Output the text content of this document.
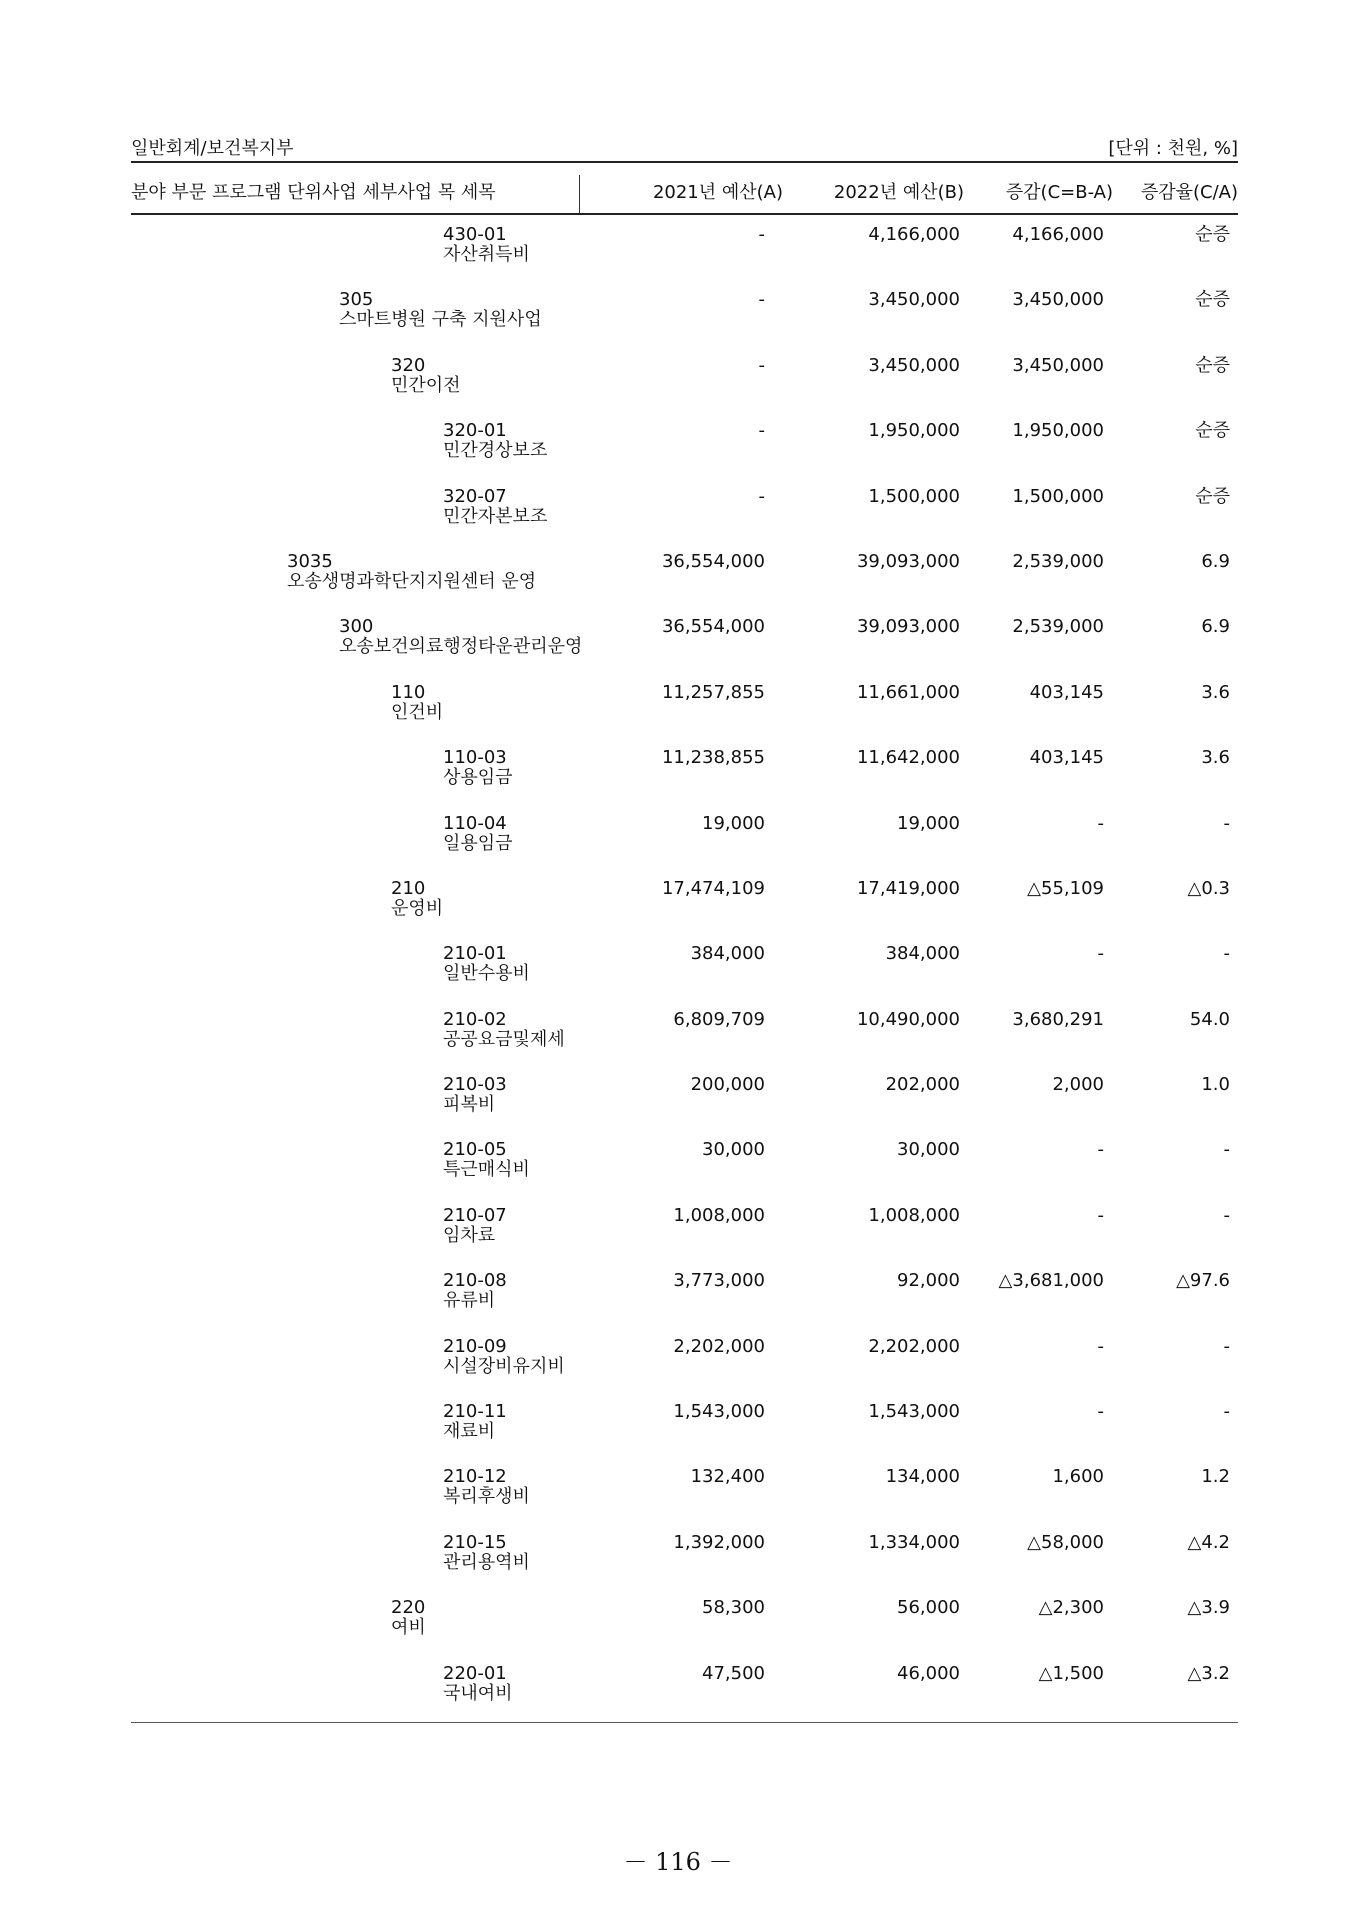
일반회계/보건복지부	[단위 : 천원, %]
분야 부문 프로그램 단위사업 세부사업 목 세목	2021년 예산(A)	2022년 예산(B) 증감(C=B-A) 증감율(C/A)
430-01
자산취득비
-	4,166,000	4,166,000	순증
305
스마트병원 구축 지원사업
-	3,450,000	3,450,000	순증
320
민간이전
-	3,450,000	3,450,000	순증
320-01
민간경상보조
-	1,950,000	1,950,000	순증
320-07
민간자본보조
-	1,500,000	1,500,000	순증
3035
오송생명과학단지지원센터 운영
36,554,000	39,093,000	2,539,000	6.9
300
오송보건의료행정타운관리운영
36,554,000	39,093,000	2,539,000	6.9
110
인건비
11,257,855	11,661,000	403,145	3.6
110-03
상용임금
11,238,855	11,642,000	403,145	3.6
110-04
일용임금
19,000	19,000	-	-
210
운영비
17,474,109	17,419,000	△55,109	△0.3
210-01
일반수용비
384,000	384,000	-	-
210-02
공공요금및제세
6,809,709	10,490,000	3,680,291	54.0
210-03
피복비
200,000	202,000	2,000	1.0
210-05
특근매식비
30,000	30,000	-	-
210-07
임차료
1,008,000	1,008,000	-	-
210-08
유류비
3,773,000	92,000 △3,681,000	△97.6
210-09
시설장비유지비
2,202,000	2,202,000	-	-
210-11
재료비
1,543,000	1,543,000	-	-
210-12
복리후생비
132,400	134,000	1,600	1.2
210-15
관리용역비
1,392,000	1,334,000	△58,000	△4.2
220
여비
58,300	56,000	△2,300	△3.9
220-01
국내여비
47,500	46,000	△1,500	△3.2
－ 116 －
